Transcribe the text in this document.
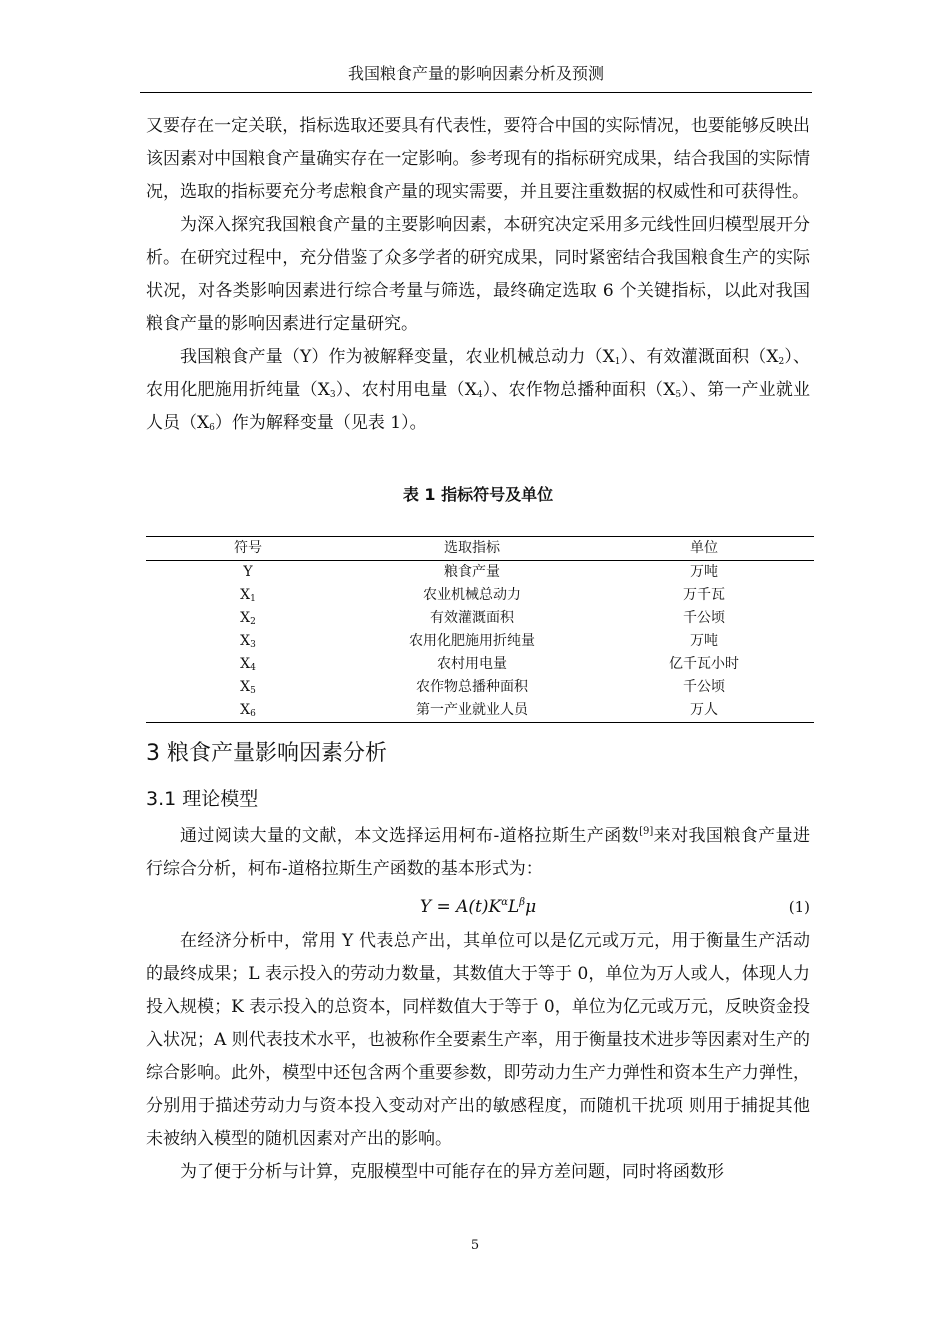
我国粮食产量的影响因素分析及预测

又要存在一定关联，指标选取还要具有代表性，要符合中国的实际情况，也要能够反映出该因素对中国粮食产量确实存在一定影响。参考现有的指标研究成果，结合我国的实际情况，选取的指标要充分考虑粮食产量的现实需要，并且要注重数据的权威性和可获得性。

为深入探究我国粮食产量的主要影响因素，本研究决定采用多元线性回归模型展开分析。在研究过程中，充分借鉴了众多学者的研究成果，同时紧密结合我国粮食生产的实际状况，对各类影响因素进行综合考量与筛选，最终确定选取 6 个关键指标，以此对我国粮食产量的影响因素进行定量研究。

我国粮食产量（Y）作为被解释变量，农业机械总动力$(X_1)$、有效灌溉面积$(X_2)$、农用化肥施用折纯量$(X_3)$、农村用电量$(X_4)$、农作物总播种面积$(X_5)$、第一产业就业人员$(X_6)$作为解释变量（见表 1）。

表 1 指标符号及单位
符号	选取指标	单位
Y	粮食产量	万吨
$X_1$	农业机械总动力	万千瓦
$X_2$	有效灌溉面积	千公顷
$X_3$	农用化肥施用折纯量	万吨
$X_4$	农村用电量	亿千瓦小时
$X_5$	农作物总播种面积	千公顷
$X_6$	第一产业就业人员	万人
3 粮食产量影响因素分析
3.1 理论模型

通过阅读大量的文献，本文选择运用柯布-道格拉斯生产函数[9]来对我国粮食产量进行综合分析，柯布-道格拉斯生产函数的基本形式为：

$Y = A(t)K^\alpha L^\beta\mu$	(1)

在经济分析中，常用 Y 代表总产出，其单位可以是亿元或万元，用于衡量生产活动的最终成果；L 表示投入的劳动力数量，其数值大于等于 0，单位为万人或人，体现人力投入规模；K 表示投入的总资本，同样数值大于等于 0，单位为亿元或万元，反映资金投入状况；A 则代表技术水平，也被称作全要素生产率，用于衡量技术进步等因素对生产的综合影响。此外，模型中还包含两个重要参数，即劳动力生产力弹性和资本生产力弹性，分别用于描述劳动力与资本投入变动对产出的敏感程度，而随机干扰项 则用于捕捉其他未被纳入模型的随机因素对产出的影响。

为了便于分析与计算，克服模型中可能存在的异方差问题，同时将函数形

5
